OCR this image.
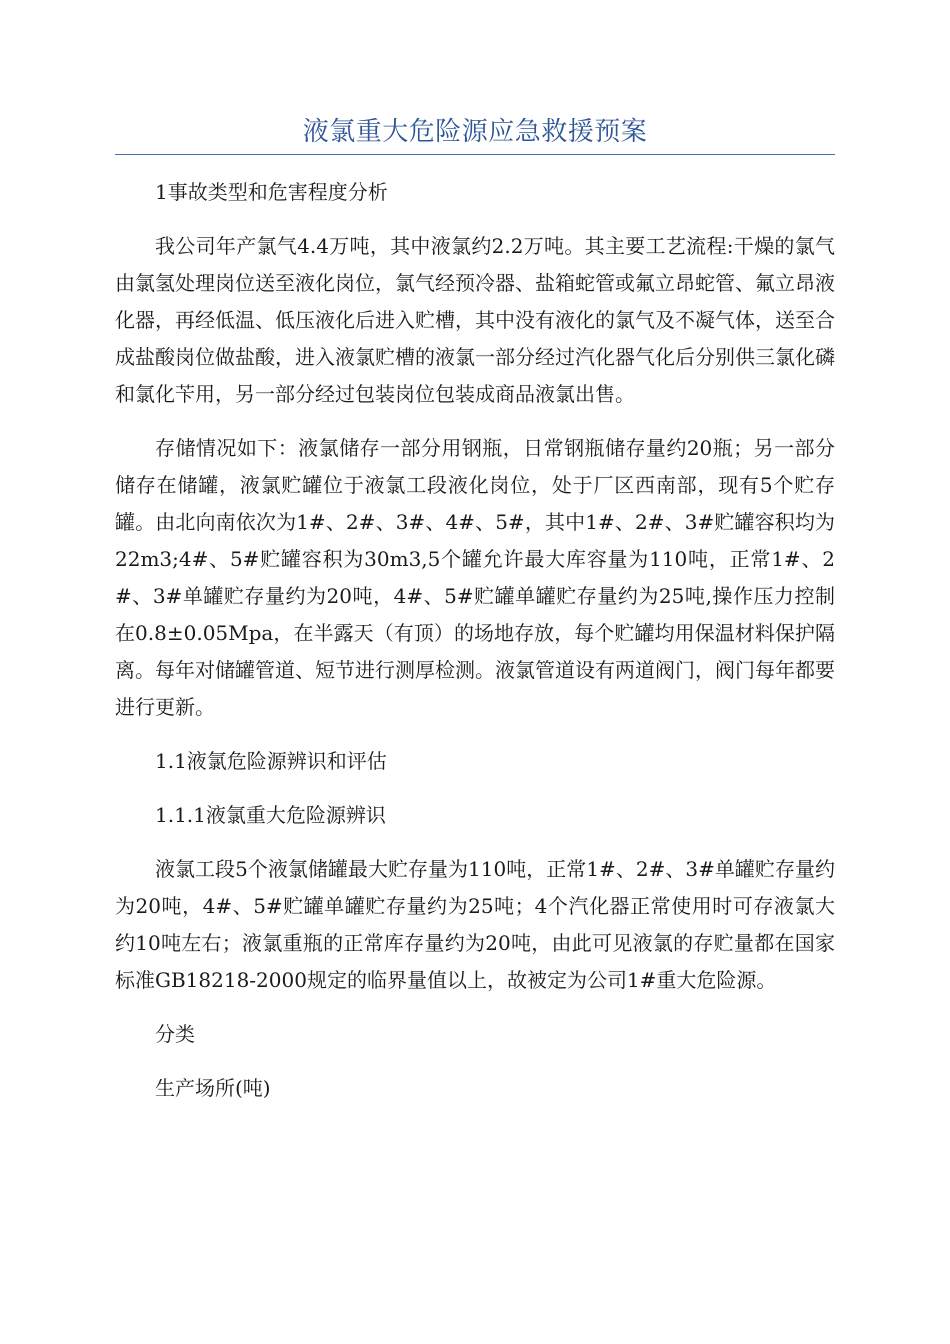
液氯重大危险源应急救援预案
1事故类型和危害程度分析
我公司年产氯气4.4万吨，其中液氯约2.2万吨。其主要工艺流程:干燥的氯气由氯氢处理岗位送至液化岗位，氯气经预冷器、盐箱蛇管或氟立昂蛇管、氟立昂液化器，再经低温、低压液化后进入贮槽，其中没有液化的氯气及不凝气体，送至合成盐酸岗位做盐酸，进入液氯贮槽的液氯一部分经过汽化器气化后分别供三氯化磷和氯化苄用，另一部分经过包装岗位包装成商品液氯出售。
存储情况如下：液氯储存一部分用钢瓶，日常钢瓶储存量约20瓶；另一部分储存在储罐，液氯贮罐位于液氯工段液化岗位，处于厂区西南部，现有5个贮存罐。由北向南依次为1#、2#、3#、4#、5#，其中1#、2#、3#贮罐容积均为22m3;4#、5#贮罐容积为30m3,5个罐允许最大库容量为110吨，正常1#、2#、3#单罐贮存量约为20吨，4#、5#贮罐单罐贮存量约为25吨,操作压力控制在0.8±0.05Mpa，在半露天（有顶）的场地存放，每个贮罐均用保温材料保护隔离。每年对储罐管道、短节进行测厚检测。液氯管道设有两道阀门，阀门每年都要进行更新。
1.1液氯危险源辨识和评估
1.1.1液氯重大危险源辨识
液氯工段5个液氯储罐最大贮存量为110吨，正常1#、2#、3#单罐贮存量约为20吨，4#、5#贮罐单罐贮存量约为25吨；4个汽化器正常使用时可存液氯大约10吨左右；液氯重瓶的正常库存量约为20吨，由此可见液氯的存贮量都在国家标准GB18218-2000规定的临界量值以上，故被定为公司1#重大危险源。
分类
生产场所(吨)
